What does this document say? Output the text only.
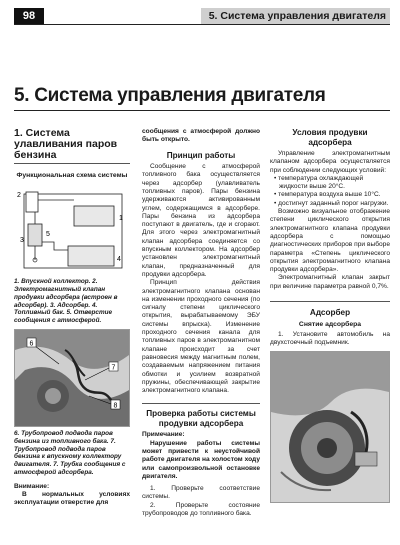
98	5. Система управления двигателя
5. Система управления двигателя
1. Система улавливания паров бензина
Функциональная схема системы
1
2
3
4
5
1. Впускной коллектор. 2. Электромагнитный клапан продувки адсорбера (встроен в адсорбер). 3. Адсорбер. 4. Топливный бак. 5. Отверстие сообщения с атмосферой.
6
7
8
6. Трубопровод подвода паров бензина из топливного бака. 7. Трубопровод подвода паров бензина к впускному коллектору двигателя. 7. Трубка сообщения с атмосферой адсорбера.
Внимание:

В нормальных условиях эксплуатации отверстие для

сообщения с атмосферой должно быть открыто.

Принцип работы

Сообщение с атмосферой топливного бака осуществляется через адсорбер (улавливатель топливных паров). Пары бензина удерживаются активированным углем, содержащимся в адсорбере. Пары бензина из адсорбера поступают в двигатель, где и сгорают. Для этого через электромагнитный клапан адсорбера соединяется со впускным коллектором. На адсорбер установлен электромагнитный клапан, предназначенный для продувки адсорбера.

Принцип действия электромагнитного клапана основан на изменении проходного сечения (по сигналу степени циклического открытия, вырабатываемому ЭБУ системы впрыска). Изменение проходного сечения канала для топливных паров в электромагнитном клапане происходит за счет равновесия между магнитным полем, создаваемым напряжением питания обмотки и усилием возвратной пружины, обеспечивающей закрытие электромагнитного клапана.

Проверка работы системы продувки адсорбера
Примечание:

Нарушение работы системы может привести к неустойчивой работе двигателя на холостом ходу или самопроизвольной остановке двигателя.

1. Проверьте соответствие системы.

2. Проверьте состояние трубопроводов до топливного бака.

Условия продувки адсорбера

Управление электромагнитным клапаном адсорбера осуществляется при соблюдении следующих условий:

• температура охлаждающей жидкости выше 20°С.
• температура воздуха выше 10°С.
• достигнут заданный порог нагрузки.

Возможно визуальное отображение степени циклического открытия электромагнитного клапана продувки адсорбера с помощью диагностических приборов при выборе параметра «Степень циклического открытия электромагнитного клапана продувки адсорбера».

Электромагнитный клапан закрыт при величине параметра равной 0,7%.

Адсорбер
Снятие адсорбера

1. Установите автомобиль на двухстоечный подъемник.
